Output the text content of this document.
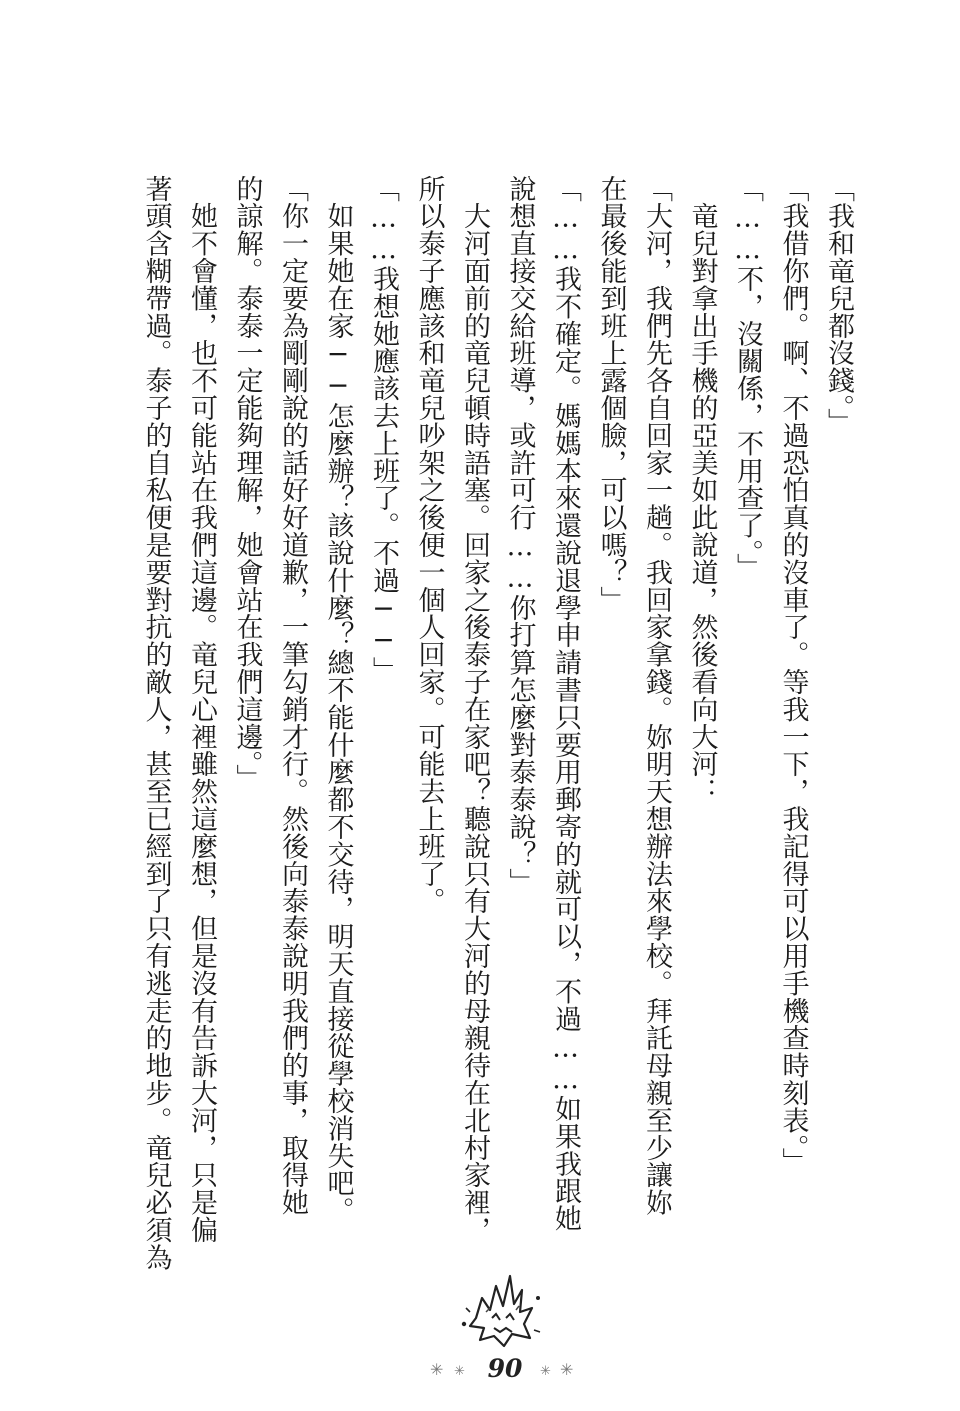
「我和竜兒都沒錢。」
「我借你們。啊、不過恐怕真的沒車了。等我一下，我記得可以用手機查時刻表。」
「……不，沒關係，不用查了。」
　竜兒對拿出手機的亞美如此說道，然後看向大河：
「大河，我們先各自回家一趟。我回家拿錢。妳明天想辦法來學校。拜託母親至少讓妳
在最後能到班上露個臉，可以嗎？」
「……我不確定。媽媽本來還說退學申請書只要用郵寄的就可以，不過……如果我跟她
說想直接交給班導，或許可行……你打算怎麼對泰泰說？」
　大河面前的竜兒頓時語塞。回家之後泰子在家吧？聽說只有大河的母親待在北村家裡，
所以泰子應該和竜兒吵架之後便一個人回家。可能去上班了。
「……我想她應該去上班了。不過──」
　如果她在家──怎麼辦？該說什麼？總不能什麼都不交待，明天直接從學校消失吧。
「你一定要為剛剛說的話好好道歉，一筆勾銷才行。然後向泰泰說明我們的事，取得她
的諒解。泰泰一定能夠理解，她會站在我們這邊。」
　她不會懂，也不可能站在我們這邊。竜兒心裡雖然這麼想，但是沒有告訴大河，只是偏
著頭含糊帶過。泰子的自私便是要對抗的敵人，甚至已經到了只有逃走的地步。竜兒必須為
✳ ✳ 90	✳ ✳
